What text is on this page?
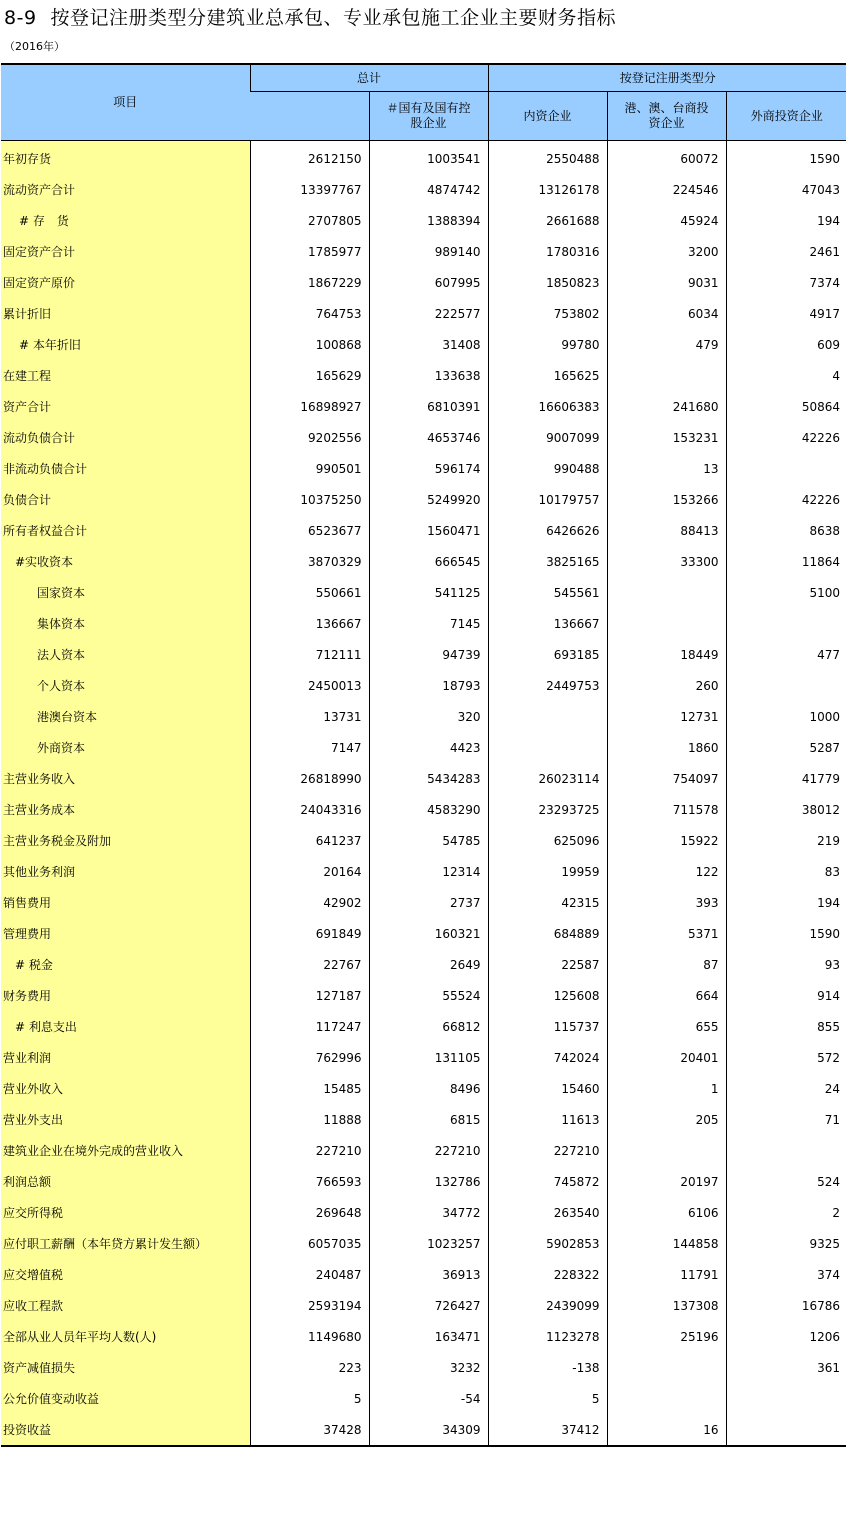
8-9 按登记注册类型分建筑业总承包、专业承包施工企业主要财务指标
（2016年）
项目	总计		按登记注册类型分		
		＃国有及国有控股企业	内资企业	港、澳、台商投资企业	外商投资企业
年初存货	2612150	1003541	2550488	60072	1590
流动资产合计	13397767	4874742	13126178	224546	47043
# 存　货	2707805	1388394	2661688	45924	194
固定资产合计	1785977	989140	1780316	3200	2461
固定资产原价	1867229	607995	1850823	9031	7374
累计折旧	764753	222577	753802	6034	4917
# 本年折旧	100868	31408	99780	479	609
在建工程	165629	133638	165625		4
资产合计	16898927	6810391	16606383	241680	50864
流动负债合计	9202556	4653746	9007099	153231	42226
非流动负债合计	990501	596174	990488	13	
负债合计	10375250	5249920	10179757	153266	42226
所有者权益合计	6523677	1560471	6426626	88413	8638
#实收资本	3870329	666545	3825165	33300	11864
国家资本	550661	541125	545561		5100
集体资本	136667	7145	136667		
法人资本	712111	94739	693185	18449	477
个人资本	2450013	18793	2449753	260	
港澳台资本	13731	320		12731	1000
外商资本	7147	4423		1860	5287
主营业务收入	26818990	5434283	26023114	754097	41779
主营业务成本	24043316	4583290	23293725	711578	38012
主营业务税金及附加	641237	54785	625096	15922	219
其他业务利润	20164	12314	19959	122	83
销售费用	42902	2737	42315	393	194
管理费用	691849	160321	684889	5371	1590
# 税金	22767	2649	22587	87	93
财务费用	127187	55524	125608	664	914
# 利息支出	117247	66812	115737	655	855
营业利润	762996	131105	742024	20401	572
营业外收入	15485	8496	15460	1	24
营业外支出	11888	6815	11613	205	71
建筑业企业在境外完成的营业收入	227210	227210	227210		
利润总额	766593	132786	745872	20197	524
应交所得税	269648	34772	263540	6106	2
应付职工薪酬（本年贷方累计发生额）	6057035	1023257	5902853	144858	9325
应交增值税	240487	36913	228322	11791	374
应收工程款	2593194	726427	2439099	137308	16786
全部从业人员年平均人数(人)	1149680	163471	1123278	25196	1206
资产减值损失	223	3232	-138		361
公允价值变动收益	5	-54	5		
投资收益	37428	34309	37412	16	
